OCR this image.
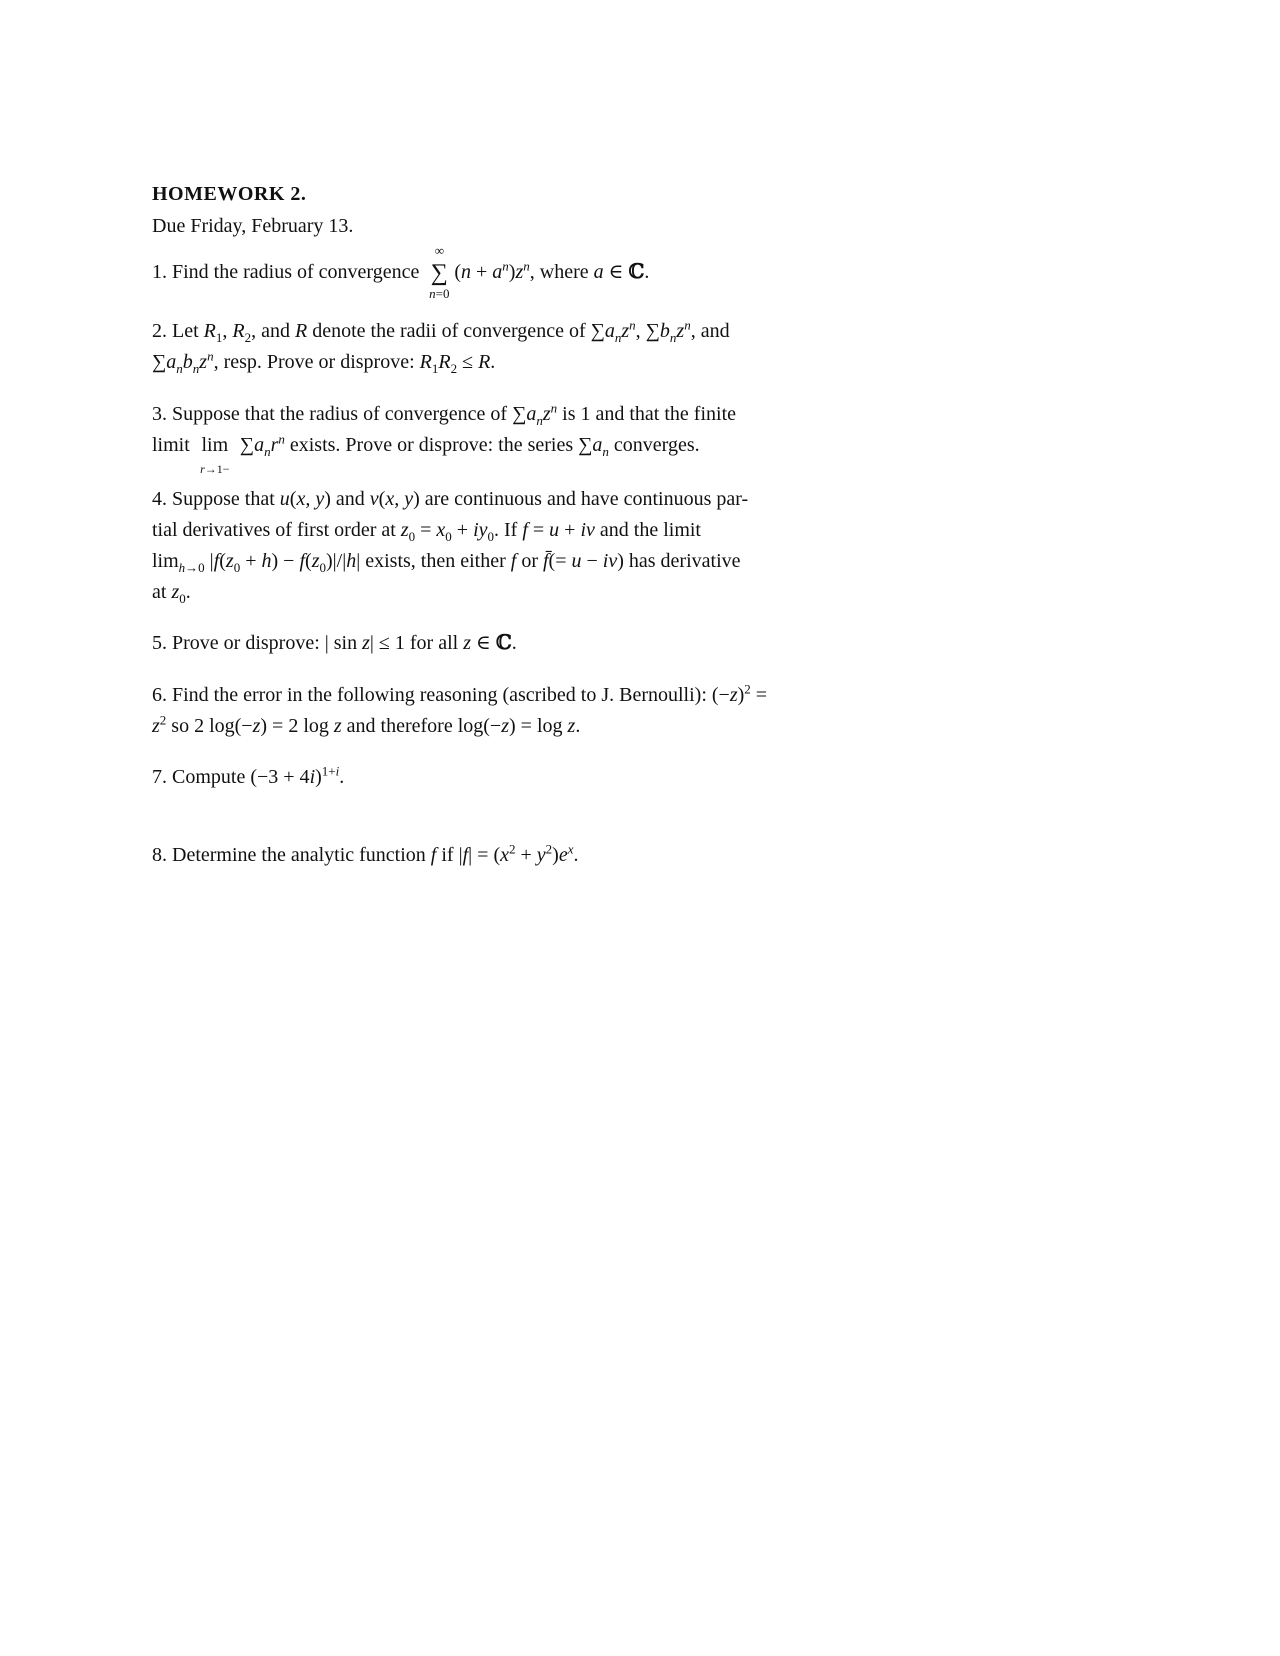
HOMEWORK 2.
Due Friday, February 13.
1. Find the radius of convergence
∞
∑
n=0
$(n + a^n)z^n$, where a ∈ ℂ.
2. Let $R_1$, $R_2$, and R denote the radii of convergence of $\sum a_nz^n$, $\sum b_nz^n$, and
$\sum a_nb_nz^n$, resp. Prove or disprove: $R_1R_2 \le R$.
3. Suppose that the radius of convergence of $\sum a_nz^n$ is 1 and that the finite
limit lim
r→1−
$\sum a_nr^n$ exists. Prove or disprove: the series $\sum a_n$ converges.
4. Suppose that u(x, y) and v(x, y) are continuous and have continuous par-
tial derivatives of first order at $z_0 = x_0 + iy_0$. If f = u + iv and the limit
$\lim_{h\to 0} |f(z_0 + h) - f(z_0)|/|h|$ exists, then either f or f̄(= u − iv) has derivative
at $z_0$.
5. Prove or disprove: | sin z| ≤ 1 for all z ∈ ℂ.
6. Find the error in the following reasoning (ascribed to J. Bernoulli): $(-z)^2$ =
$z^2$ so 2 log(−z) = 2 log z and therefore log(−z) = log z.
7. Compute $(-3 + 4i)^{1+i}$.
8. Determine the analytic function f if $|f| = (x^2 + y^2)e^x$.
